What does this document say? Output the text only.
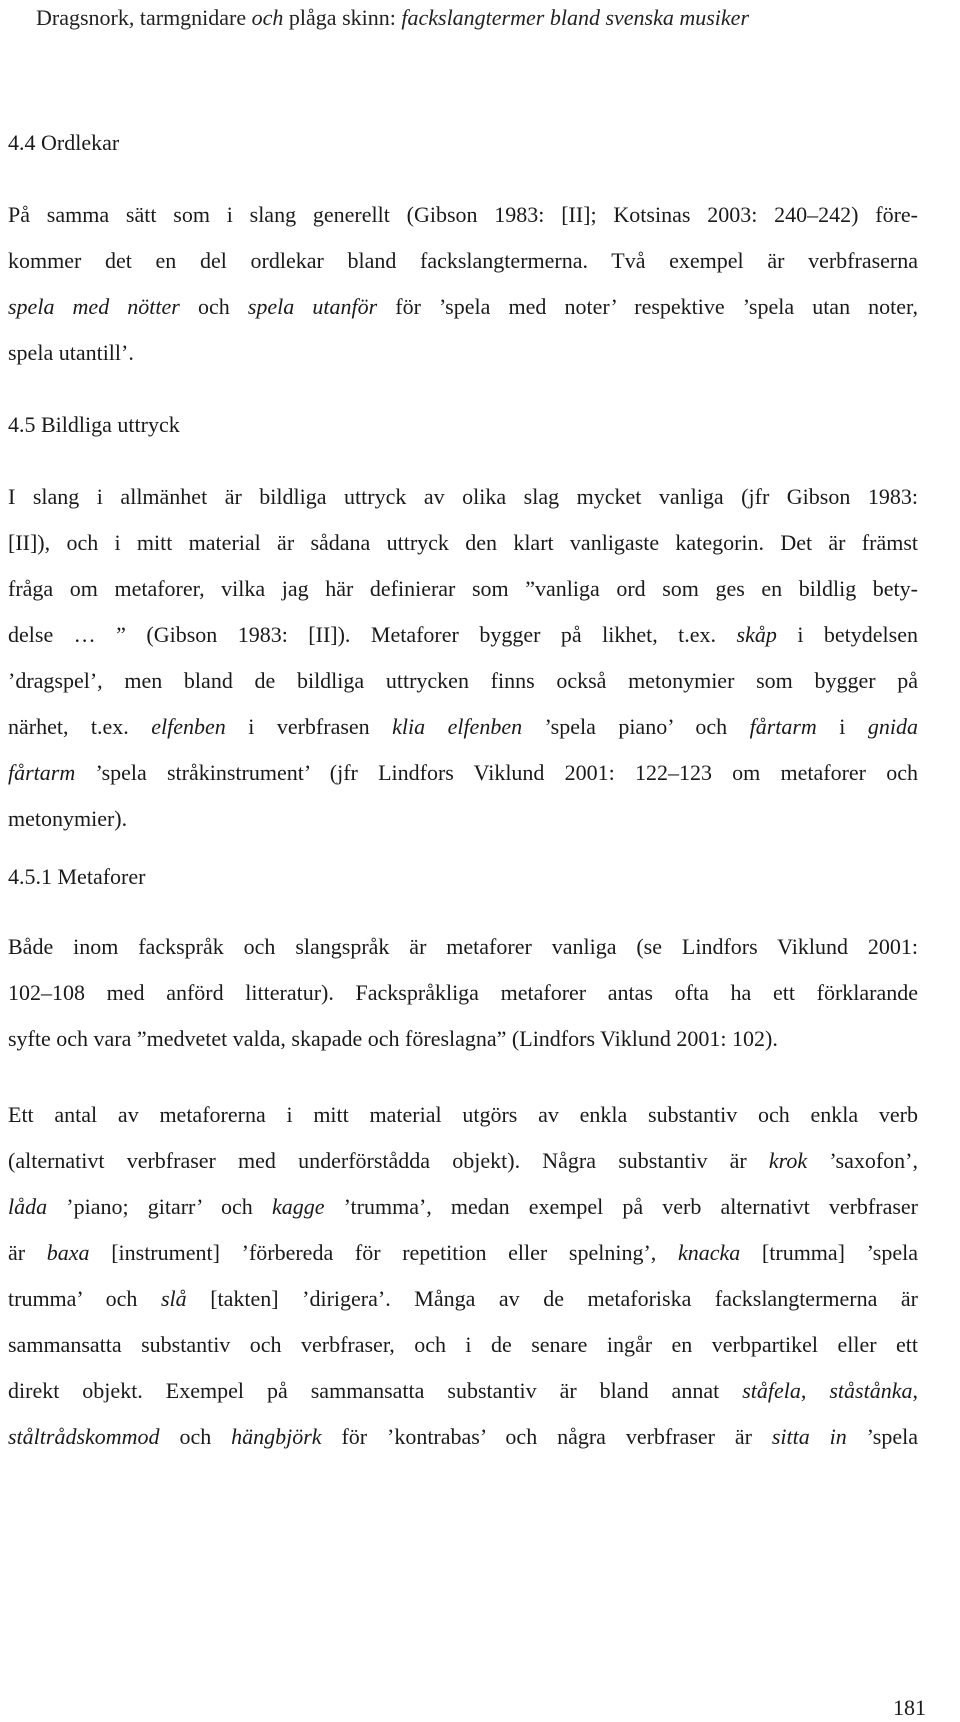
Dragsnork, tarmgnidare och plåga skinn: fackslangtermer bland svenska musiker
4.4 Ordlekar
På samma sätt som i slang generellt (Gibson 1983: [II]; Kotsinas 2003: 240–242) före-
kommer det en del ordlekar bland fackslangtermerna. Två exempel är verbfraserna
spela med nötter och spela utanför för ’spela med noter’ respektive ’spela utan noter,
spela utantill’.
4.5 Bildliga uttryck
I slang i allmänhet är bildliga uttryck av olika slag mycket vanliga (jfr Gibson 1983:
[II]), och i mitt material är sådana uttryck den klart vanligaste kategorin. Det är främst
fråga om metaforer, vilka jag här definierar som ”vanliga ord som ges en bildlig bety-
delse … ” (Gibson 1983: [II]). Metaforer bygger på likhet, t.ex. skåp i betydelsen
’dragspel’, men bland de bildliga uttrycken finns också metonymier som bygger på
närhet, t.ex. elfenben i verbfrasen klia elfenben ’spela piano’ och fårtarm i gnida
fårtarm ’spela stråkinstrument’ (jfr Lindfors Viklund 2001: 122–123 om metaforer och
metonymier).
4.5.1 Metaforer
Både inom fackspråk och slangspråk är metaforer vanliga (se Lindfors Viklund 2001:
102–108 med anförd litteratur). Fackspråkliga metaforer antas ofta ha ett förklarande
syfte och vara ”medvetet valda, skapade och föreslagna” (Lindfors Viklund 2001: 102).
Ett antal av metaforerna i mitt material utgörs av enkla substantiv och enkla verb
(alternativt verbfraser med underförstådda objekt). Några substantiv är krok ’saxofon’,
låda ’piano; gitarr’ och kagge ’trumma’, medan exempel på verb alternativt verbfraser
är baxa [instrument] ’förbereda för repetition eller spelning’, knacka [trumma] ’spela
trumma’ och slå [takten] ’dirigera’. Många av de metaforiska fackslangtermerna är
sammansatta substantiv och verbfraser, och i de senare ingår en verbpartikel eller ett
direkt objekt. Exempel på sammansatta substantiv är bland annat ståfela, ståstånka,
ståltrådskommod och hängbjörk för ’kontrabas’ och några verbfraser är sitta in ’spela
181
